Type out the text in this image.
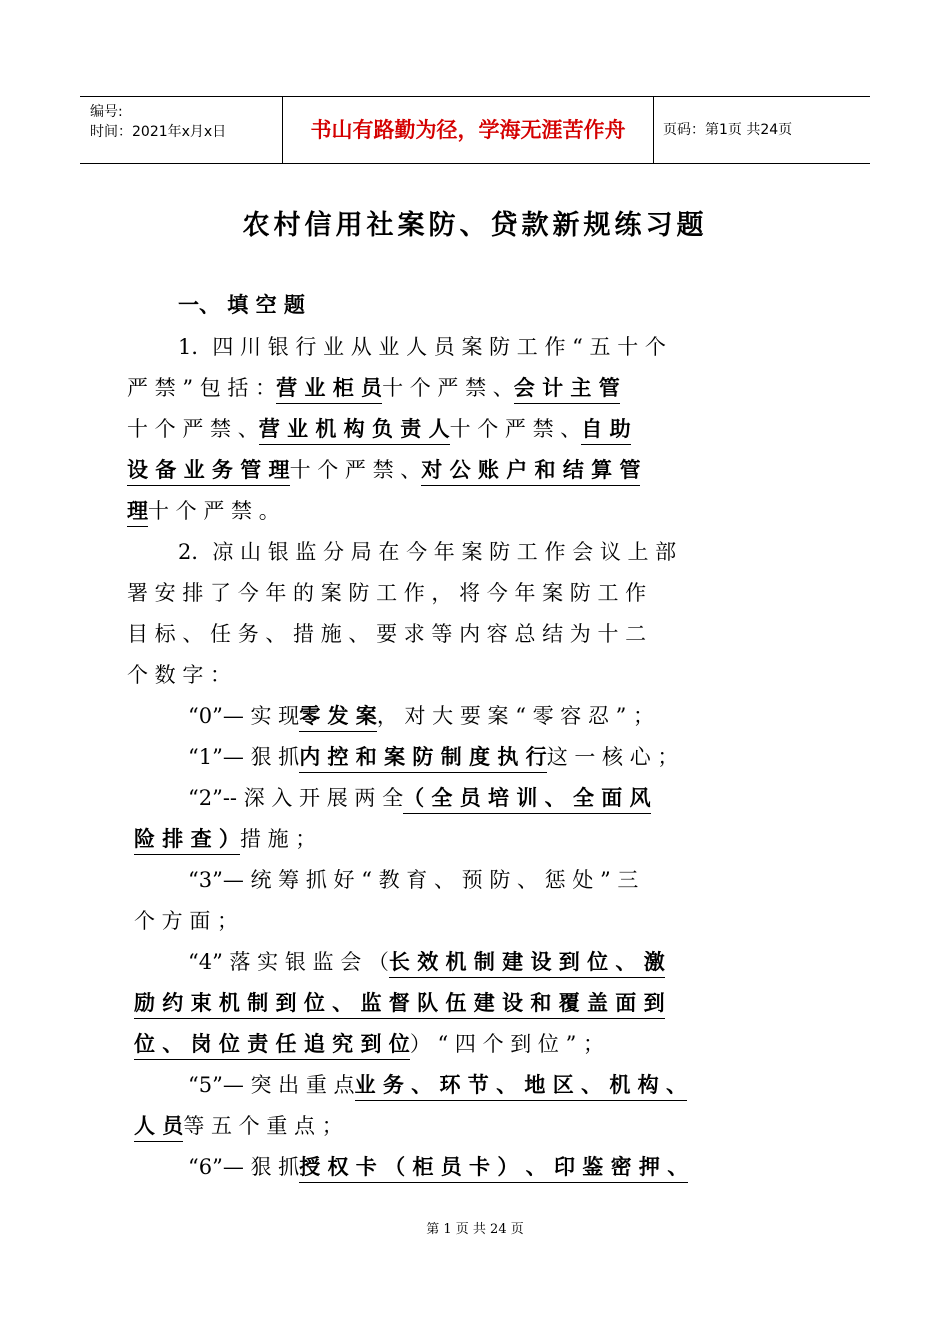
编号:
时间：2021年x月x日	书山有路勤为径，学海无涯苦作舟	页码：第1页 共24页
农村信用社案防、贷款新规练习题
一、 填 空 题
1．四 川 银 行 业 从 业 人 员 案 防 工 作 “ 五 十 个
严 禁 ” 包 括 ：营 业 柜 员十 个 严 禁 、会 计 主 管
十 个 严 禁 、营 业 机 构 负 责 人十 个 严 禁 、自 助
设 备 业 务 管 理十 个 严 禁 、对 公 账 户 和 结 算 管
理十 个 严 禁 。
2．凉 山 银 监 分 局 在 今 年 案 防 工 作 会 议 上 部
署 安 排 了 今 年 的 案 防 工 作 ， 将 今 年 案 防 工 作
目 标 、 任 务 、 措 施 、 要 求 等 内 容 总 结 为 十 二
个 数 字 ：
“0”— 实 现零 发 案， 对 大 要 案 “ 零 容 忍 ” ；
“1”— 狠 抓内 控 和 案 防 制 度 执 行这 一 核 心 ；
“2”-- 深 入 开 展 两 全（ 全 员 培 训 、 全 面 风
险 排 查 ）措 施 ；
“3”— 统 筹 抓 好 “ 教 育 、 预 防 、 惩 处 ” 三
个 方 面 ；
“4” 落 实 银 监 会 （长 效 机 制 建 设 到 位 、 激
励 约 束 机 制 到 位 、 监 督 队 伍 建 设 和 覆 盖 面 到
位 、 岗 位 责 任 追 究 到 位） “ 四 个 到 位 ” ；
“5”— 突 出 重 点业 务 、 环 节 、 地 区 、 机 构 、
人 员等 五 个 重 点 ；
“6”— 狠 抓授 权 卡 （ 柜 员 卡 ） 、 印 鉴 密 押 、
第 1 页 共 24 页
